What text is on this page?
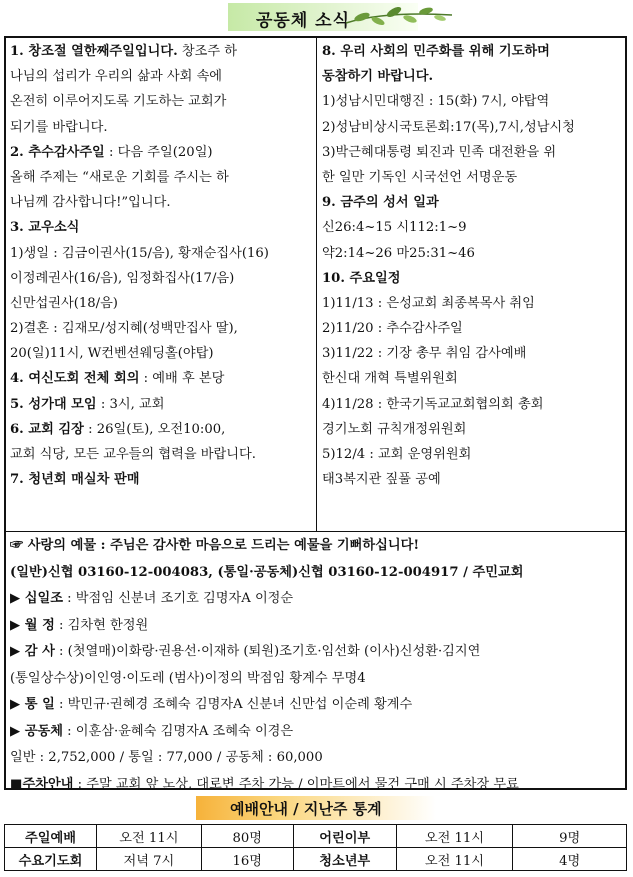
공동체 소식
1. 창조절 열한째주일입니다. 창조주 하
나님의 섭리가 우리의 삶과 사회 속에
온전히 이루어지도록 기도하는 교회가
되기를 바랍니다.
2. 추수감사주일 : 다음 주일(20일)
올해 주제는 “새로운 기회를 주시는 하
나님께 감사합니다!”입니다.
3. 교우소식
1)생일 : 김금이권사(15/음), 황재순집사(16)
이정례권사(16/음), 임정화집사(17/음)
신만섭권사(18/음)
2)결혼 : 김재모/성지혜(성백만집사 딸),
20(일)11시, W컨벤션웨딩홀(야탑)
4. 여신도회 전체 회의 : 예배 후 본당
5. 성가대 모임 : 3시, 교회
6. 교회 김장 : 26일(토), 오전10:00,
교회 식당, 모든 교우들의 협력을 바랍니다.
7. 청년회 매실차 판매
8. 우리 사회의 민주화를 위해 기도하며
동참하기 바랍니다.
1)성남시민대행진 : 15(화) 7시, 야탑역
2)성남비상시국토론회:17(목),7시,성남시청
3)박근혜대통령 퇴진과 민족 대전환을 위
한 일만 기독인 시국선언 서명운동
9. 금주의 성서 일과
신26:4~15 시112:1~9
약2:14~26 마25:31~46
10. 주요일정
1)11/13 : 은성교회 최종복목사 취임
2)11/20 : 추수감사주일
3)11/22 : 기장 총무 취임 감사예배
한신대 개혁 특별위원회
4)11/28 : 한국기독교교회협의회 총회
경기노회 규칙개정위원회
5)12/4 : 교회 운영위원회
태3복지관 짚풀 공예
☞ 사랑의 예물 : 주님은 감사한 마음으로 드리는 예물을 기뻐하십니다!
(일반)신협 03160-12-004083, (통일·공동체)신협 03160-12-004917 / 주민교회
▶ 십일조 : 박점임 신분녀 조기호 김명자A 이정순
▶ 월 정 : 김차현 한정원
▶ 감 사 : (첫열매)이화랑·권용선·이재하 (퇴원)조기호·임선화 (이사)신성환·김지연
(통일상수상)이인영·이도레 (범사)이정의 박점임 황계수 무명4
▶ 통 일 : 박민규·권혜경 조혜숙 김명자A 신분녀 신만섭 이순례 황계수
▶ 공동체 : 이훈삼·윤혜숙 김명자A 조혜숙 이경은
일반 : 2,752,000 / 통일 : 77,000 / 공동체 : 60,000
■주차안내 : 주말 교회 앞 노상, 대로변 주차 가능 / 이마트에서 물건 구매 시 주차장 무료
예배안내 / 지난주 통계
주일예배	오전 11시	80명	어린이부	오전 11시	9명
수요기도회	저녁 7시	16명	청소년부	오전 11시	4명
